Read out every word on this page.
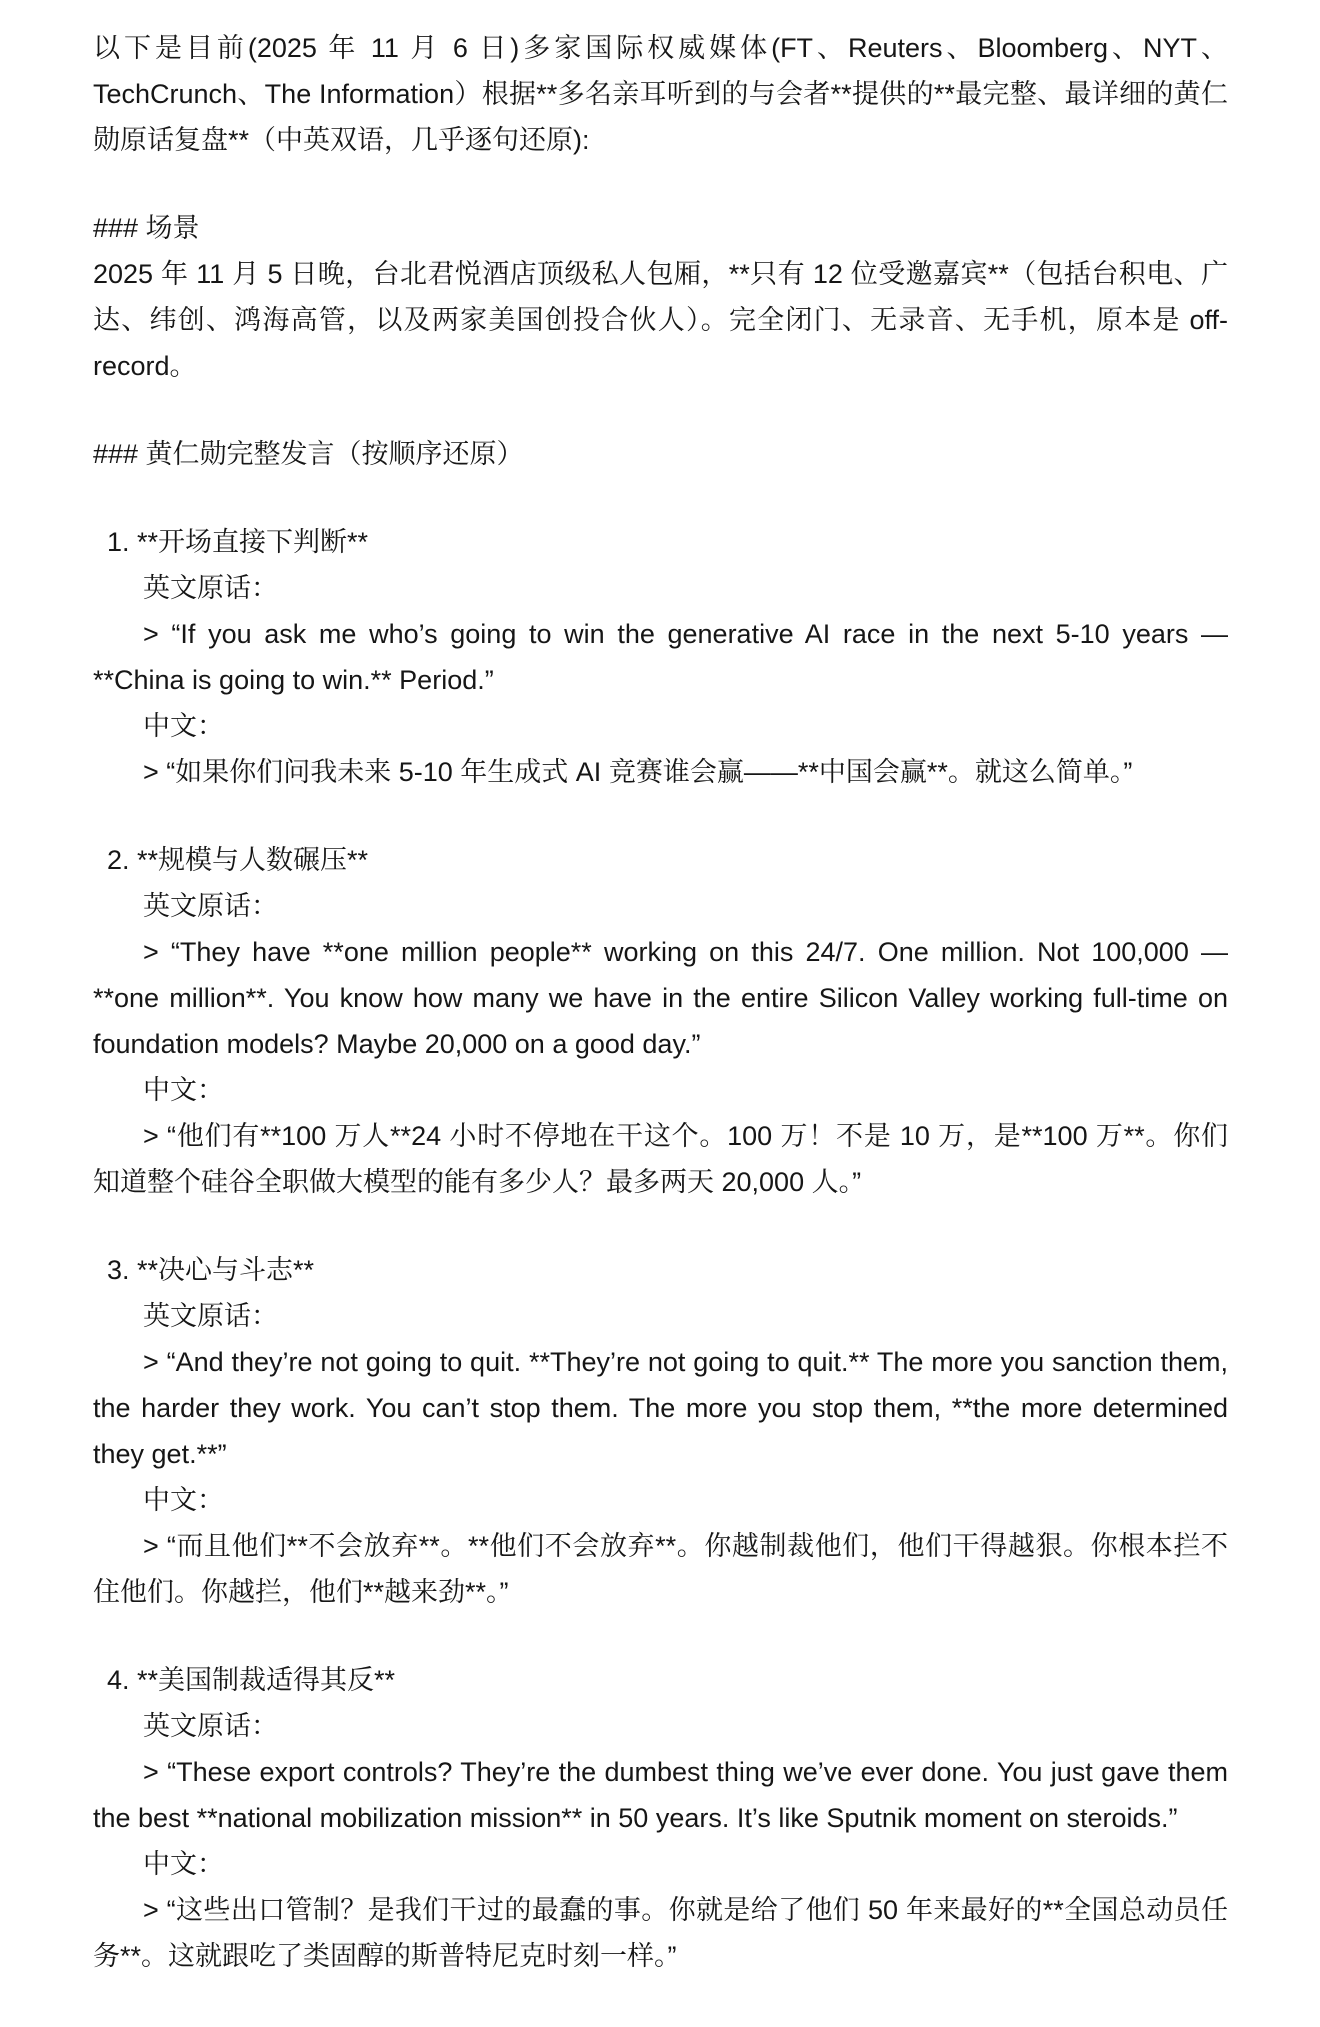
以下是目前(2025 年 11 月 6 日)多家国际权威媒体(FT、Reuters、Bloomberg、NYT、TechCrunch、The Information）根据**多名亲耳听到的与会者**提供的**最完整、最详细的黄仁勋原话复盘**（中英双语，几乎逐句还原):

### 场景

2025 年 11 月 5 日晚，台北君悦酒店顶级私人包厢，**只有 12 位受邀嘉宾**（包括台积电、广达、纬创、鸿海高管，以及两家美国创投合伙人）。完全闭门、无录音、无手机，原本是 off-record。

### 黄仁勋完整发言（按顺序还原）

1. **开场直接下判断**

英文原话：

> “If you ask me who’s going to win the generative AI race in the next 5-10 years — **China is going to win.** Period.”

中文：

> “如果你们问我未来 5-10 年生成式 AI 竞赛谁会赢——**中国会赢**。就这么简单。”

2. **规模与人数碾压**

英文原话：

> “They have **one million people** working on this 24/7. One million. Not 100,000 — **one million**. You know how many we have in the entire Silicon Valley working full-time on foundation models? Maybe 20,000 on a good day.”

中文：

> “他们有**100 万人**24 小时不停地在干这个。100 万！不是 10 万，是**100 万**。你们知道整个硅谷全职做大模型的能有多少人？最多两天 20,000 人。”

3. **决心与斗志**

英文原话：

> “And they’re not going to quit. **They’re not going to quit.** The more you sanction them, the harder they work. You can’t stop them. The more you stop them, **the more determined they get.**”

中文：

> “而且他们**不会放弃**。**他们不会放弃**。你越制裁他们，他们干得越狠。你根本拦不住他们。你越拦，他们**越来劲**。”

4. **美国制裁适得其反**

英文原话：

> “These export controls? They’re the dumbest thing we’ve ever done. You just gave them the best **national mobilization mission** in 50 years. It’s like Sputnik moment on steroids.”

中文：

> “这些出口管制？是我们干过的最蠢的事。你就是给了他们 50 年来最好的**全国总动员任务**。这就跟吃了类固醇的斯普特尼克时刻一样。”
